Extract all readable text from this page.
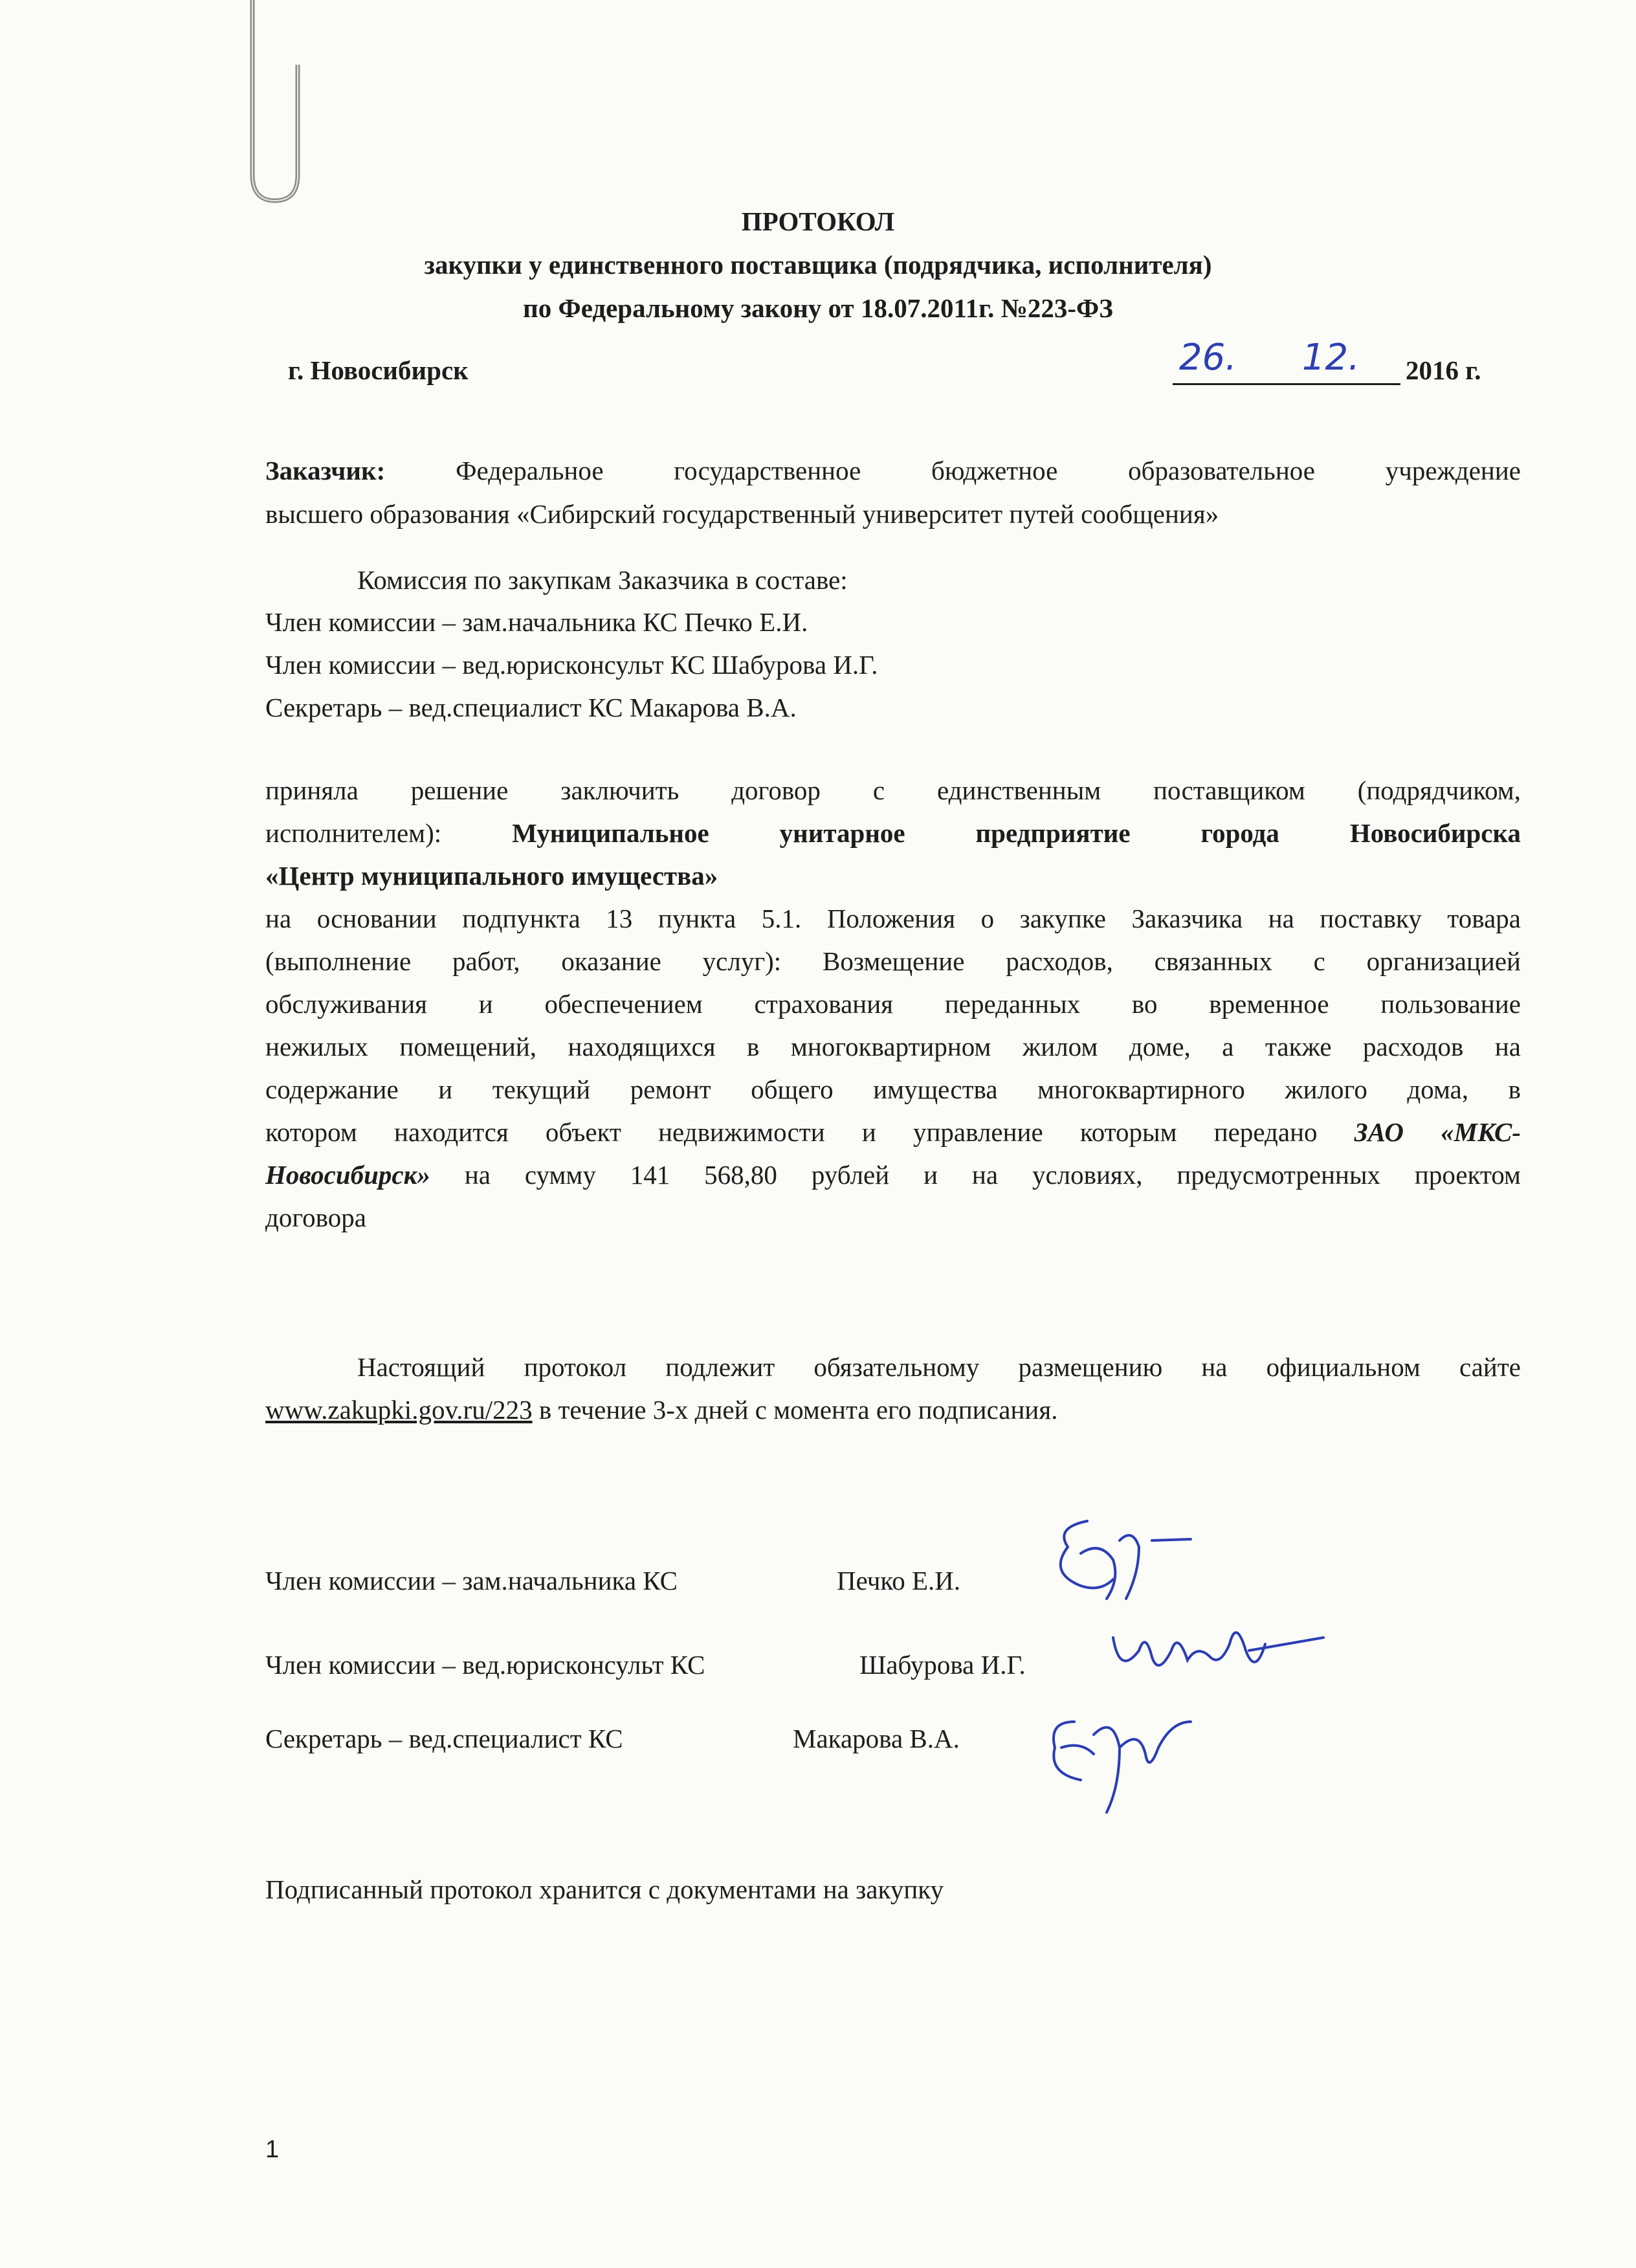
ПРОТОКОЛ
закупки у единственного поставщика (подрядчика, исполнителя)
по Федеральному закону от 18.07.2011г. №223-ФЗ
г. Новосибирск	26. 12. 2016 г.
Заказчик:	Федеральное государственное бюджетное образовательное учреждение
высшего образования «Сибирский государственный университет путей сообщения»
Комиссия по закупкам Заказчика в составе:
Член комиссии – зам.начальника КС Печко Е.И.
Член комиссии – вед.юрисконсульт КС Шабурова И.Г.
Секретарь – вед.специалист КС Макарова В.А.
приняла решение заключить договор с единственным поставщиком (подрядчиком,
исполнителем):	Муниципальное унитарное предприятие города Новосибирска
«Центр муниципального имущества»
на основании подпункта 13 пункта 5.1. Положения о закупке Заказчика на поставку товара
(выполнение работ, оказание услуг): Возмещение расходов, связанных с организацией
обслуживания и обеспечением страхования переданных во временное пользование
нежилых помещений, находящихся в многоквартирном жилом доме, а также расходов на
содержание и текущий ремонт общего имущества многоквартирного жилого дома, в
котором находится объект недвижимости и управление которым передано ЗАО «МКС-
Новосибирск» на сумму 141 568,80 рублей и на условиях, предусмотренных проектом
договора
Настоящий протокол подлежит обязательному размещению на официальном сайте
www.zakupki.gov.ru/223 в течение 3-х дней с момента его подписания.
Член комиссии – зам.начальника КС	Печко Е.И.
Член комиссии – вед.юрисконсульт КС	Шабурова И.Г.
Секретарь – вед.специалист КС	Макарова В.А.
Подписанный протокол хранится с документами на закупку
1
